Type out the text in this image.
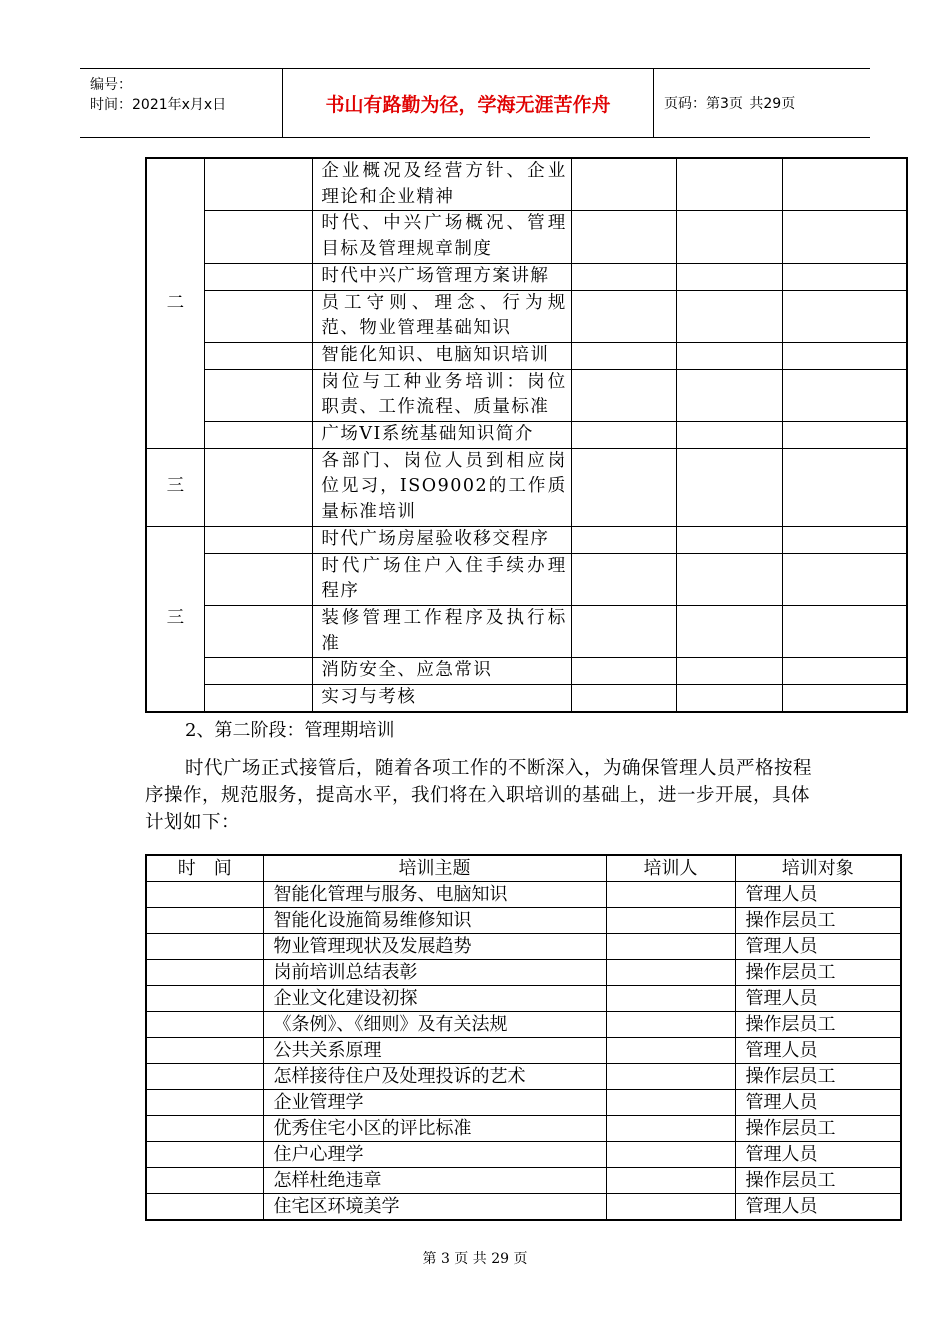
编号：
时间：2021年x月x日	书山有路勤为径，学海无涯苦作舟	页码：第3页 共29页
二		企业概况及经营方针、企业理论和企业精神			
		时代、中兴广场概况、管理目标及管理规章制度			
		时代中兴广场管理方案讲解			
		员工守则、理念、行为规范、物业管理基础知识			
		智能化知识、电脑知识培训			
		岗位与工种业务培训：岗位职责、工作流程、质量标准			
		广场VI系统基础知识简介			
三		各部门、岗位人员到相应岗位见习，ISO9002的工作质量标准培训			
三		时代广场房屋验收移交程序			
		时代广场住户入住手续办理程序			
		装修管理工作程序及执行标准			
		消防安全、应急常识			
		实习与考核			
2、第二阶段：管理期培训
时代广场正式接管后，随着各项工作的不断深入，为确保管理人员严格按程序操作，规范服务，提高水平，我们将在入职培训的基础上，进一步开展，具体计划如下：
时　间	培训主题	培训人	培训对象
	智能化管理与服务、电脑知识		管理人员
	智能化设施简易维修知识		操作层员工
	物业管理现状及发展趋势		管理人员
	岗前培训总结表彰		操作层员工
	企业文化建设初探		管理人员
	《条例》、《细则》及有关法规		操作层员工
	公共关系原理		管理人员
	怎样接待住户及处理投诉的艺术		操作层员工
	企业管理学		管理人员
	优秀住宅小区的评比标准		操作层员工
	住户心理学		管理人员
	怎样杜绝违章		操作层员工
	住宅区环境美学		管理人员
第 3 页 共 29 页
